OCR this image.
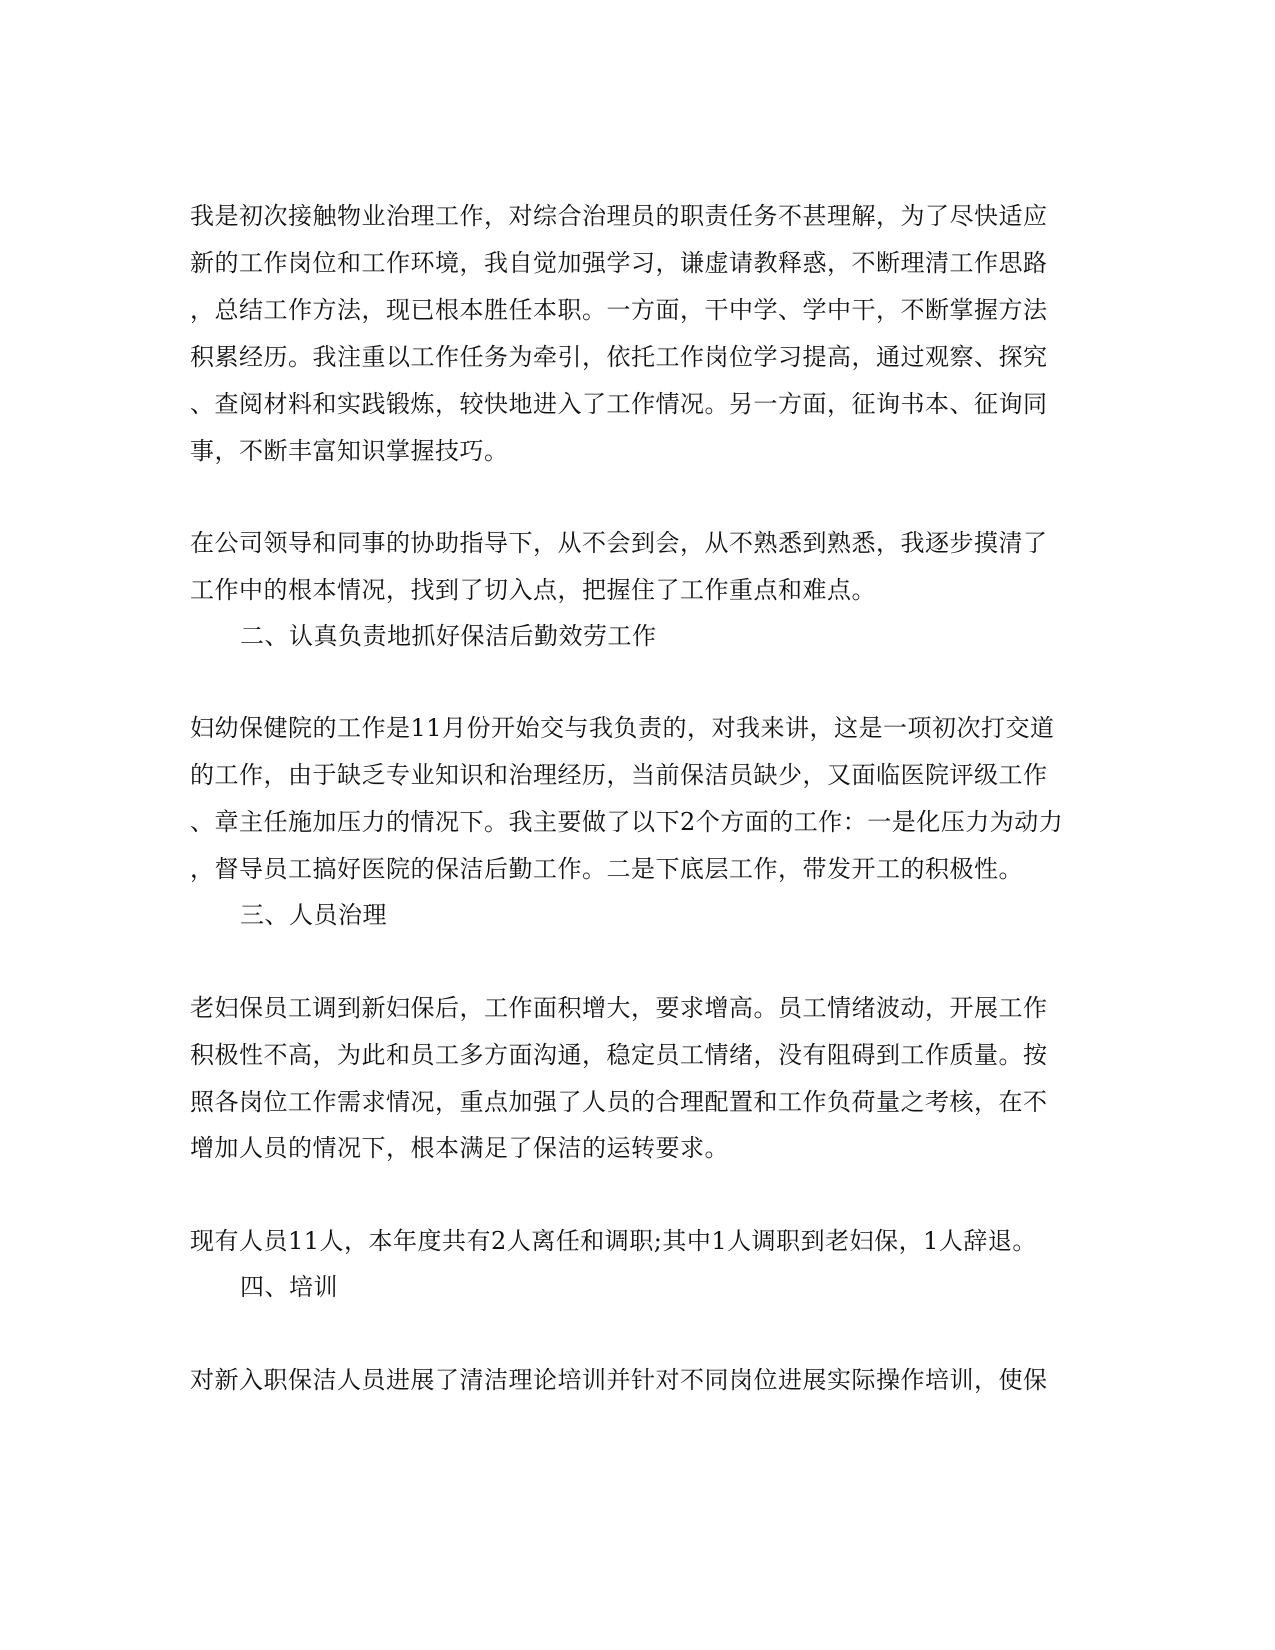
我是初次接触物业治理工作，对综合治理员的职责任务不甚理解，为了尽快适应
新的工作岗位和工作环境，我自觉加强学习，谦虚请教释惑，不断理清工作思路
，总结工作方法，现已根本胜任本职。一方面，干中学、学中干，不断掌握方法
积累经历。我注重以工作任务为牵引，依托工作岗位学习提高，通过观察、探究
、查阅材料和实践锻炼，较快地进入了工作情况。另一方面，征询书本、征询同
事，不断丰富知识掌握技巧。
在公司领导和同事的协助指导下，从不会到会，从不熟悉到熟悉，我逐步摸清了
工作中的根本情况，找到了切入点，把握住了工作重点和难点。
二、认真负责地抓好保洁后勤效劳工作
妇幼保健院的工作是11月份开始交与我负责的，对我来讲，这是一项初次打交道
的工作，由于缺乏专业知识和治理经历，当前保洁员缺少，又面临医院评级工作
、章主任施加压力的情况下。我主要做了以下2个方面的工作：一是化压力为动力
，督导员工搞好医院的保洁后勤工作。二是下底层工作，带发开工的积极性。
三、人员治理
老妇保员工调到新妇保后，工作面积增大，要求增高。员工情绪波动，开展工作
积极性不高，为此和员工多方面沟通，稳定员工情绪，没有阻碍到工作质量。按
照各岗位工作需求情况，重点加强了人员的合理配置和工作负荷量之考核，在不
增加人员的情况下，根本满足了保洁的运转要求。
现有人员11人，本年度共有2人离任和调职;其中1人调职到老妇保，1人辞退。
四、培训
对新入职保洁人员进展了清洁理论培训并针对不同岗位进展实际操作培训，使保
